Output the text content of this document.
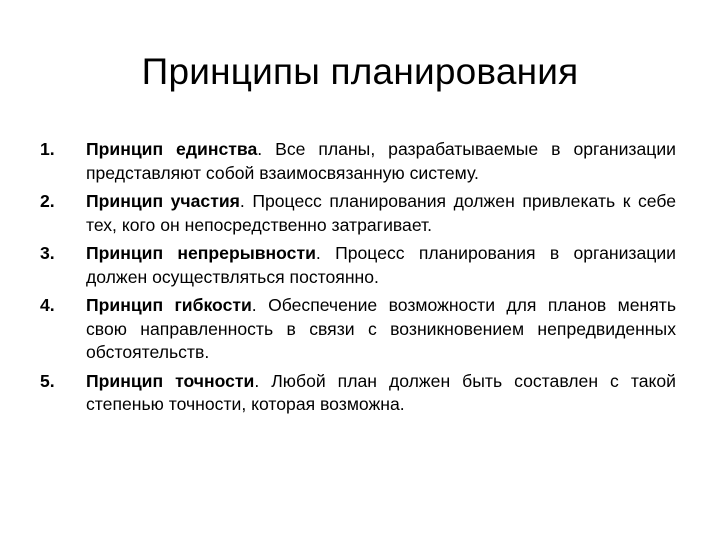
Принципы планирования
1. Принцип единства. Все планы, разрабатываемые в организации представляют собой взаимосвязанную систему.
2. Принцип участия. Процесс планирования должен привлекать к себе тех, кого он непосредственно затрагивает.
3. Принцип непрерывности. Процесс планирования в организации должен осуществляться постоянно.
4. Принцип гибкости. Обеспечение возможности для планов менять свою направленность в связи с возникновением непредвиденных обстоятельств.
5. Принцип точности. Любой план должен быть составлен с такой степенью точности, которая возможна.
